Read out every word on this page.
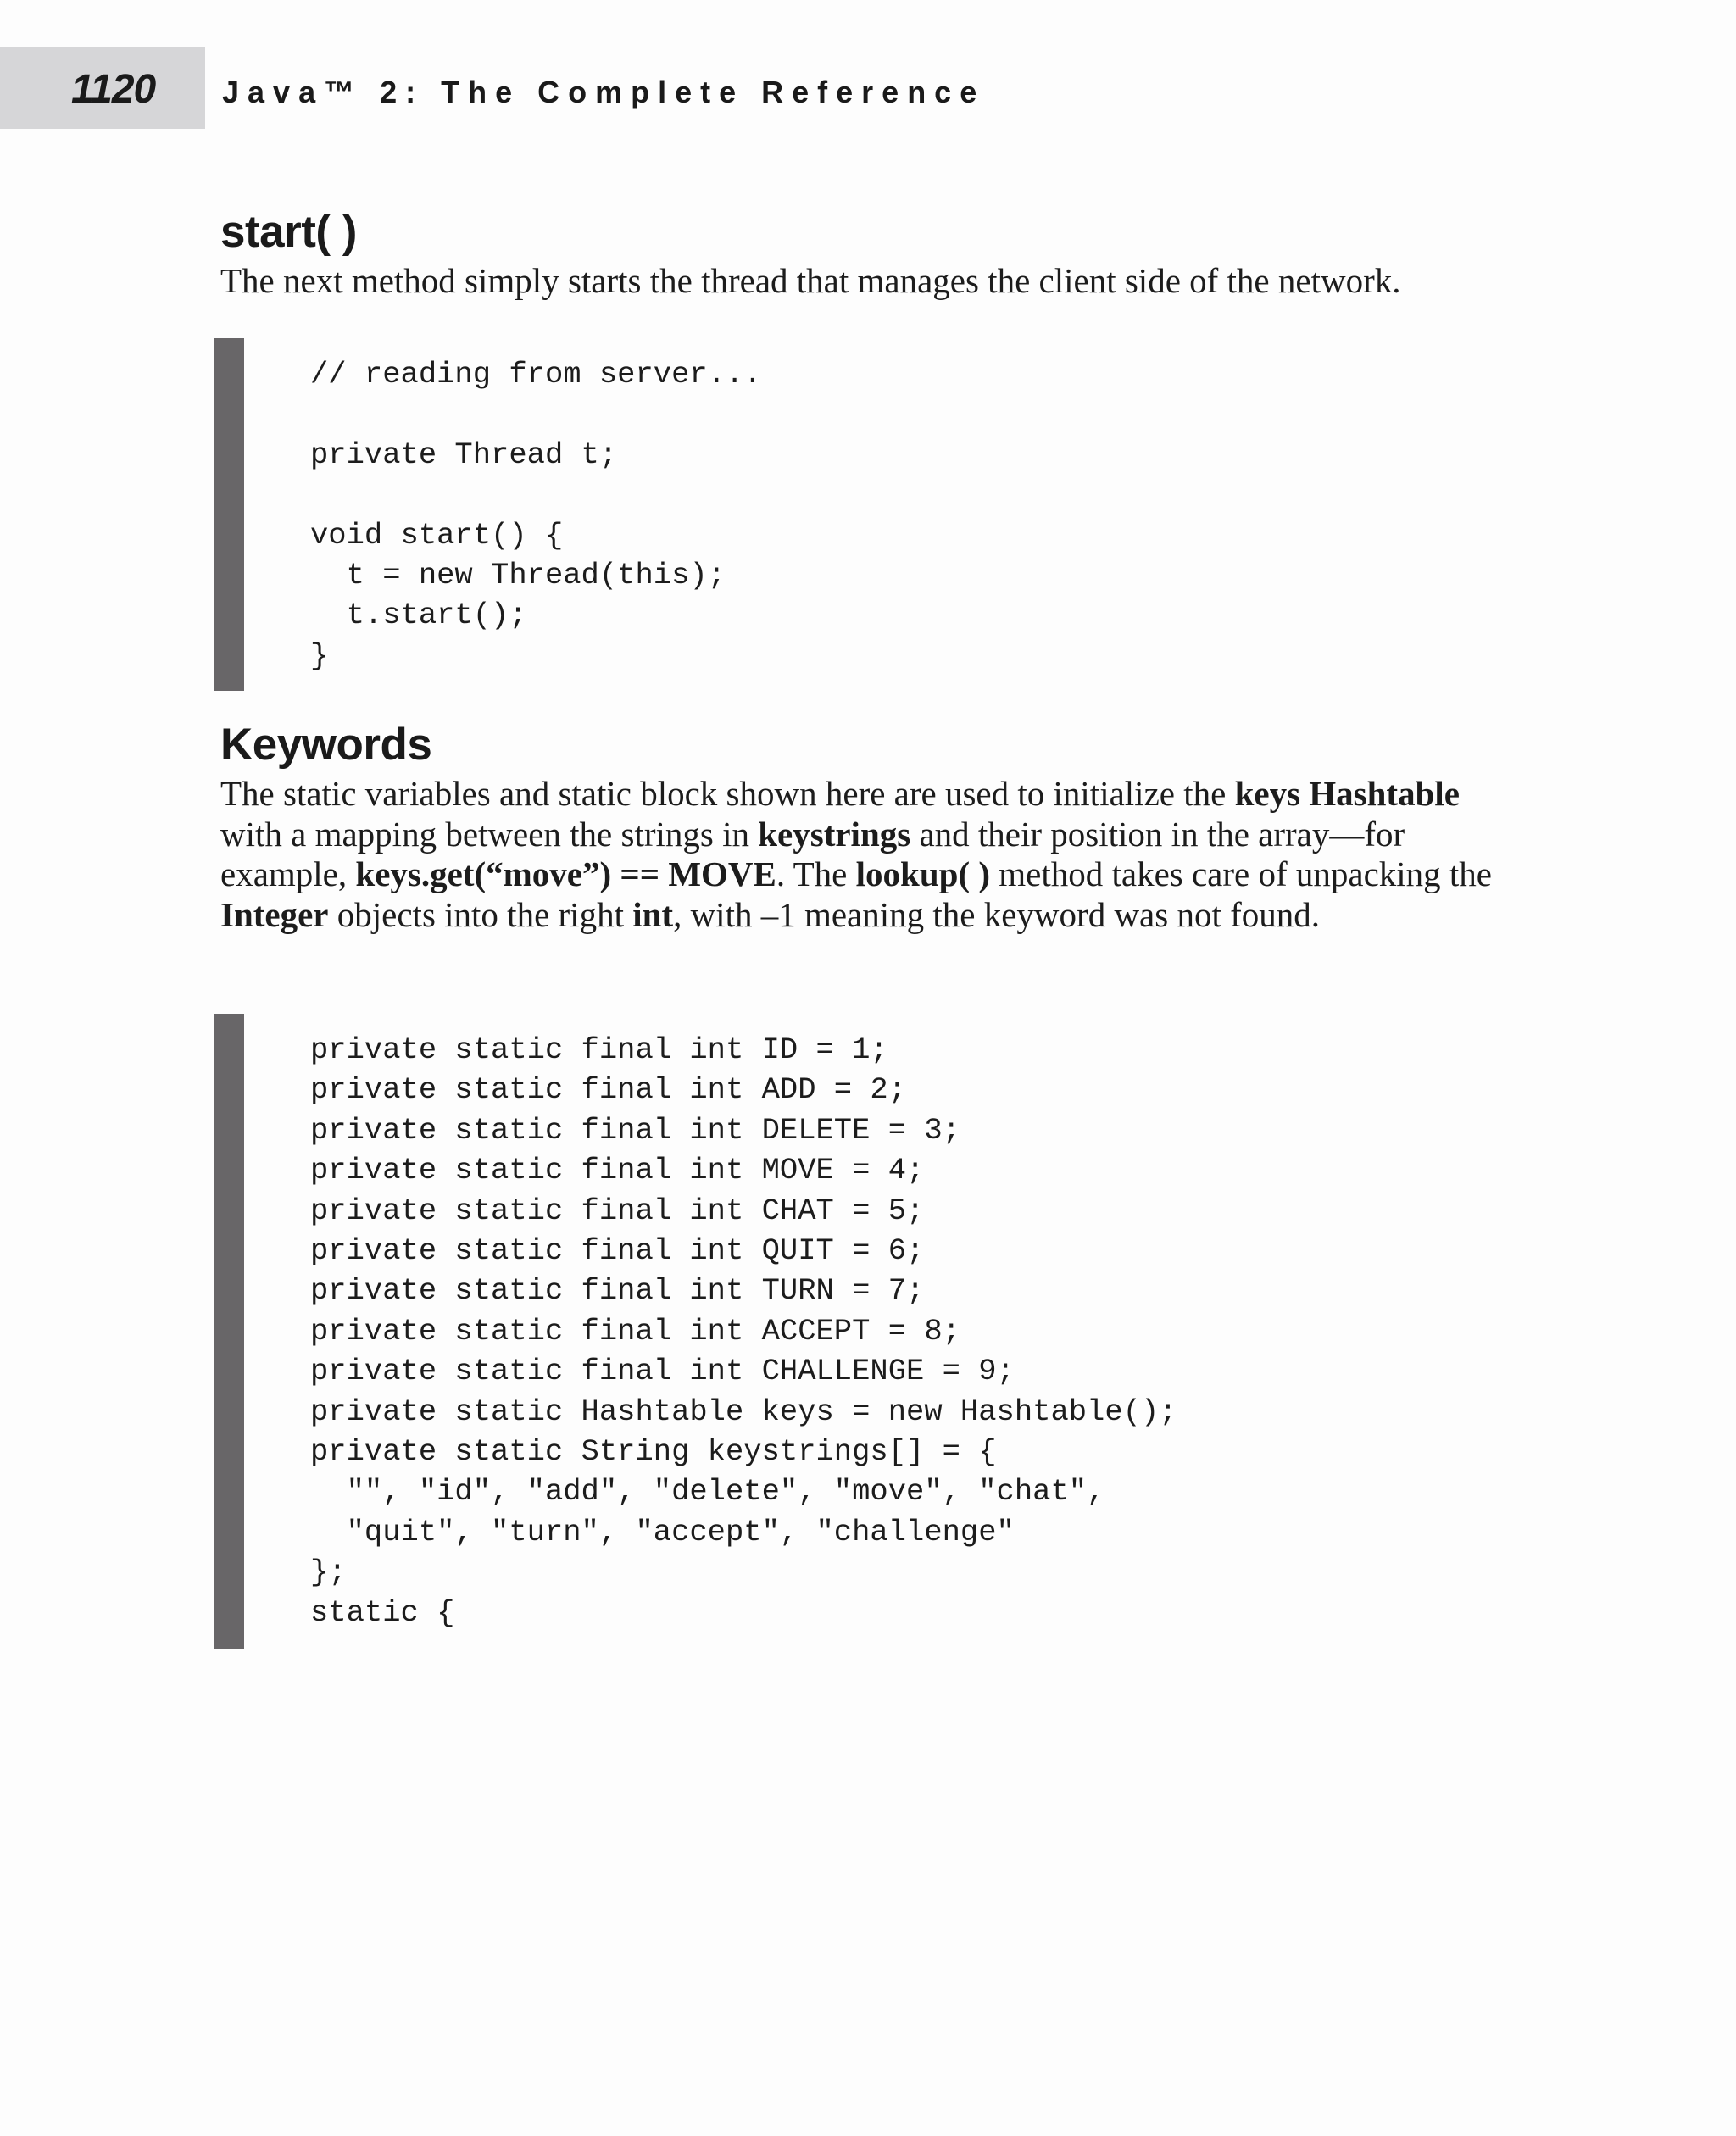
1120 Java™ 2: The Complete Reference
start( )

The next method simply starts the thread that manages the client side of the network.

// reading from server...

private Thread t;

void start() {
t = new Thread(this);
t.start();
}
Keywords

The static variables and static block shown here are used to initialize the keys Hashtable with a mapping between the strings in keystrings and their position in the array—for example, keys.get(“move”) == MOVE. The lookup( ) method takes care of unpacking the Integer objects into the right int, with –1 meaning the keyword was not found.

private static final int ID = 1;
private static final int ADD = 2;
private static final int DELETE = 3;
private static final int MOVE = 4;
private static final int CHAT = 5;
private static final int QUIT = 6;
private static final int TURN = 7;
private static final int ACCEPT = 8;
private static final int CHALLENGE = 9;
private static Hashtable keys = new Hashtable();
private static String keystrings[] = {
"", "id", "add", "delete", "move", "chat",
"quit", "turn", "accept", "challenge"
};
static {
